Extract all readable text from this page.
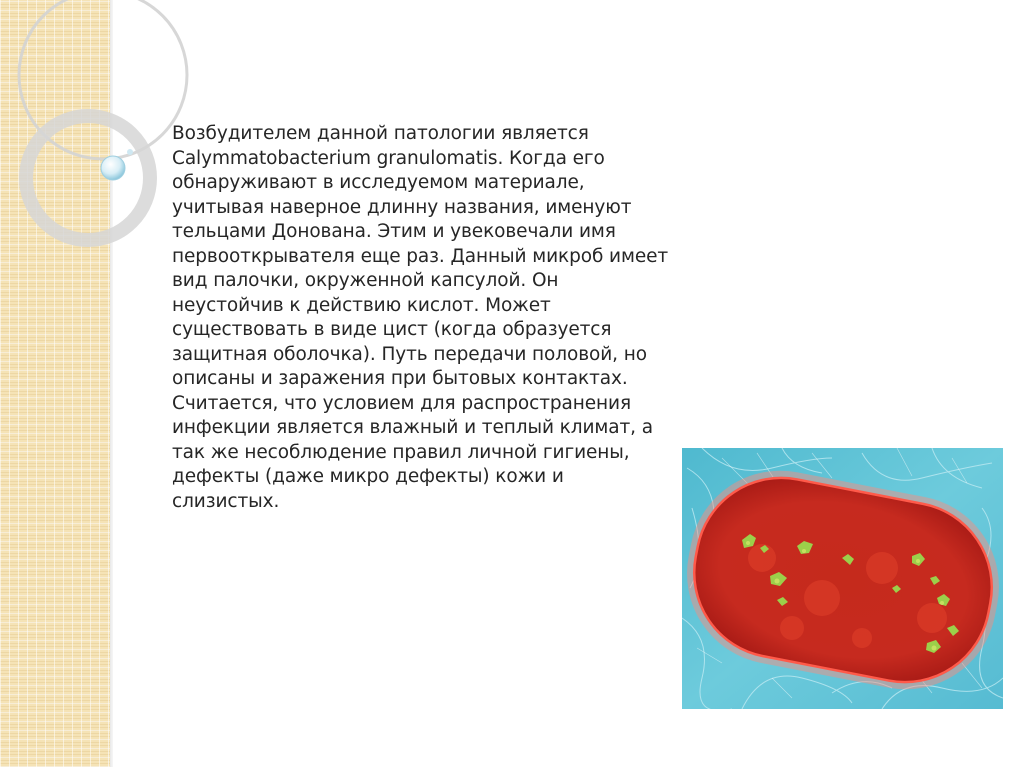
Возбудителем данной патологии является Calymmatobacterium granulomatis. Когда его обнаруживают в исследуемом материале, учитывая наверное длинну названия, именуют тельцами Донована. Этим и увековечали имя первооткрывателя еще раз. Данный микроб имеет вид палочки, окруженной капсулой. Он неустойчив к действию кислот. Может существовать в виде цист (когда образуется защитная оболочка). Путь передачи половой, но описаны и заражения при бытовых контактах. Считается, что условием для распространения инфекции является влажный и теплый климат, а так же несоблюдение правил личной гигиены, дефекты (даже микро дефекты) кожи и слизистых.
